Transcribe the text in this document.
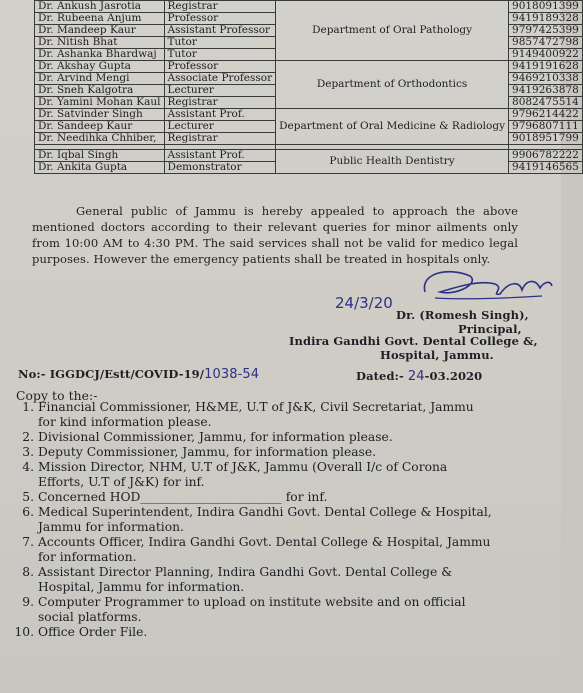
Dr. Ankush Jasrotia	Registrar	Department of Oral Pathology	9018091399
Dr. Rubeena Anjum	Professor		9419189328
Dr. Mandeep Kaur	Assistant Professor		9797425399
Dr. Nitish Bhat	Tutor		9857472798
Dr. Ashanka Bhardwaj	Tutor		9149400922
Dr. Akshay Gupta	Professor	Department of Orthodontics	9419191628
Dr. Arvind Mengi	Associate Professor		9469210338
Dr. Sneh Kalgotra	Lecturer		9419263878
Dr. Yamini Mohan Kaul	Registrar		8082475514
Dr. Satvinder Singh	Assistant Prof.	Department of Oral Medicine & Radiology	9796214422
Dr. Sandeep Kaur	Lecturer		9796807111
Dr. Needihka Chhiber,	Registrar		9018951799

Dr. Iqbal Singh	Assistant Prof.	Public Health Dentistry	9906782222
Dr. Ankita Gupta	Demonstrator		9419146565
General public of Jammu is hereby appealed to approach the above mentioned doctors according to their relevant queries for minor ailments only from 10:00 AM to 4:30 PM. The said services shall not be valid for medico legal purposes. However the emergency patients shall be treated in hospitals only.
24/3/20
Dr. (Romesh Singh),
Principal,
Indira Gandhi Govt. Dental College &,
Hospital, Jammu.
No:- IGGDCJ/Estt/COVID-19/1038-54	Dated:- 24-03.2020
Copy to the:-
1. Financial Commissioner, H&ME, U.T of J&K, Civil Secretariat, Jammu
for kind information please.
2. Divisional Commissioner, Jammu, for information please.
3. Deputy Commissioner, Jammu, for information please.
4. Mission Director, NHM, U.T of J&K, Jammu (Overall I/c of Corona
Efforts, U.T of J&K) for inf.
5. Concerned HOD_______________________ for inf.
6. Medical Superintendent, Indira Gandhi Govt. Dental College & Hospital,
Jammu for information.
7. Accounts Officer, Indira Gandhi Govt. Dental College & Hospital, Jammu
for information.
8. Assistant Director Planning, Indira Gandhi Govt. Dental College &
Hospital, Jammu for information.
9. Computer Programmer to upload on institute website and on official
social platforms.
10. Office Order File.
